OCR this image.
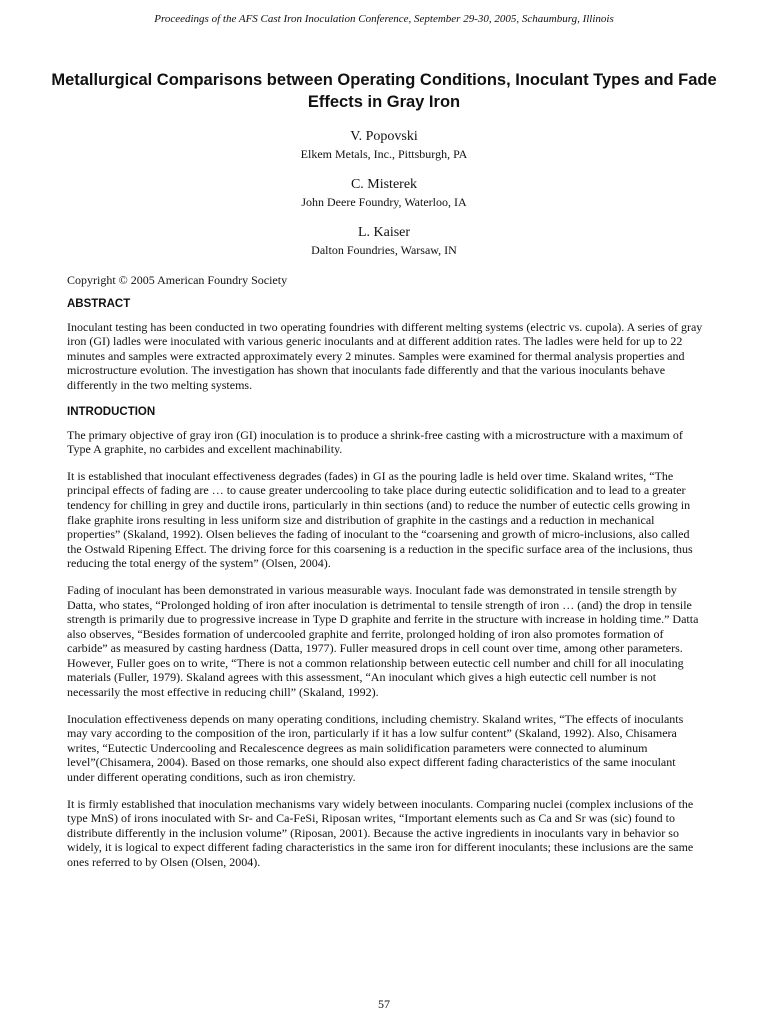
Proceedings of the AFS Cast Iron Inoculation Conference, September 29-30, 2005, Schaumburg, Illinois
Metallurgical Comparisons between Operating Conditions, Inoculant Types and Fade Effects in Gray Iron
V. Popovski
Elkem Metals, Inc., Pittsburgh, PA
C. Misterek
John Deere Foundry, Waterloo, IA
L. Kaiser
Dalton Foundries, Warsaw, IN

Copyright © 2005 American Foundry Society

ABSTRACT

Inoculant testing has been conducted in two operating foundries with different melting systems (electric vs. cupola). A series of gray iron (GI) ladles were inoculated with various generic inoculants and at different addition rates. The ladles were held for up to 22 minutes and samples were extracted approximately every 2 minutes. Samples were examined for thermal analysis properties and microstructure evolution. The investigation has shown that inoculants fade differently and that the various inoculants behave differently in the two melting systems.

INTRODUCTION

The primary objective of gray iron (GI) inoculation is to produce a shrink-free casting with a microstructure with a maximum of Type A graphite, no carbides and excellent machinability.

It is established that inoculant effectiveness degrades (fades) in GI as the pouring ladle is held over time. Skaland writes, “The principal effects of fading are … to cause greater undercooling to take place during eutectic solidification and to lead to a greater tendency for chilling in grey and ductile irons, particularly in thin sections (and) to reduce the number of eutectic cells growing in flake graphite irons resulting in less uniform size and distribution of graphite in the castings and a reduction in mechanical properties” (Skaland, 1992). Olsen believes the fading of inoculant to the “coarsening and growth of micro-inclusions, also called the Ostwald Ripening Effect. The driving force for this coarsening is a reduction in the specific surface area of the inclusions, thus reducing the total energy of the system” (Olsen, 2004).

Fading of inoculant has been demonstrated in various measurable ways. Inoculant fade was demonstrated in tensile strength by Datta, who states, “Prolonged holding of iron after inoculation is detrimental to tensile strength of iron … (and) the drop in tensile strength is primarily due to progressive increase in Type D graphite and ferrite in the structure with increase in holding time.” Datta also observes, “Besides formation of undercooled graphite and ferrite, prolonged holding of iron also promotes formation of carbide” as measured by casting hardness (Datta, 1977). Fuller measured drops in cell count over time, among other parameters. However, Fuller goes on to write, “There is not a common relationship between eutectic cell number and chill for all inoculating materials (Fuller, 1979). Skaland agrees with this assessment, “An inoculant which gives a high eutectic cell number is not necessarily the most effective in reducing chill” (Skaland, 1992).

Inoculation effectiveness depends on many operating conditions, including chemistry. Skaland writes, “The effects of inoculants may vary according to the composition of the iron, particularly if it has a low sulfur content” (Skaland, 1992). Also, Chisamera writes, “Eutectic Undercooling and Recalescence degrees as main solidification parameters were connected to aluminum level”(Chisamera, 2004). Based on those remarks, one should also expect different fading characteristics of the same inoculant under different operating conditions, such as iron chemistry.

It is firmly established that inoculation mechanisms vary widely between inoculants. Comparing nuclei (complex inclusions of the type MnS) of irons inoculated with Sr- and Ca-FeSi, Riposan writes, “Important elements such as Ca and Sr was (sic) found to distribute differently in the inclusion volume” (Riposan, 2001). Because the active ingredients in inoculants vary in behavior so widely, it is logical to expect different fading characteristics in the same iron for different inoculants; these inclusions are the same ones referred to by Olsen (Olsen, 2004).

57
